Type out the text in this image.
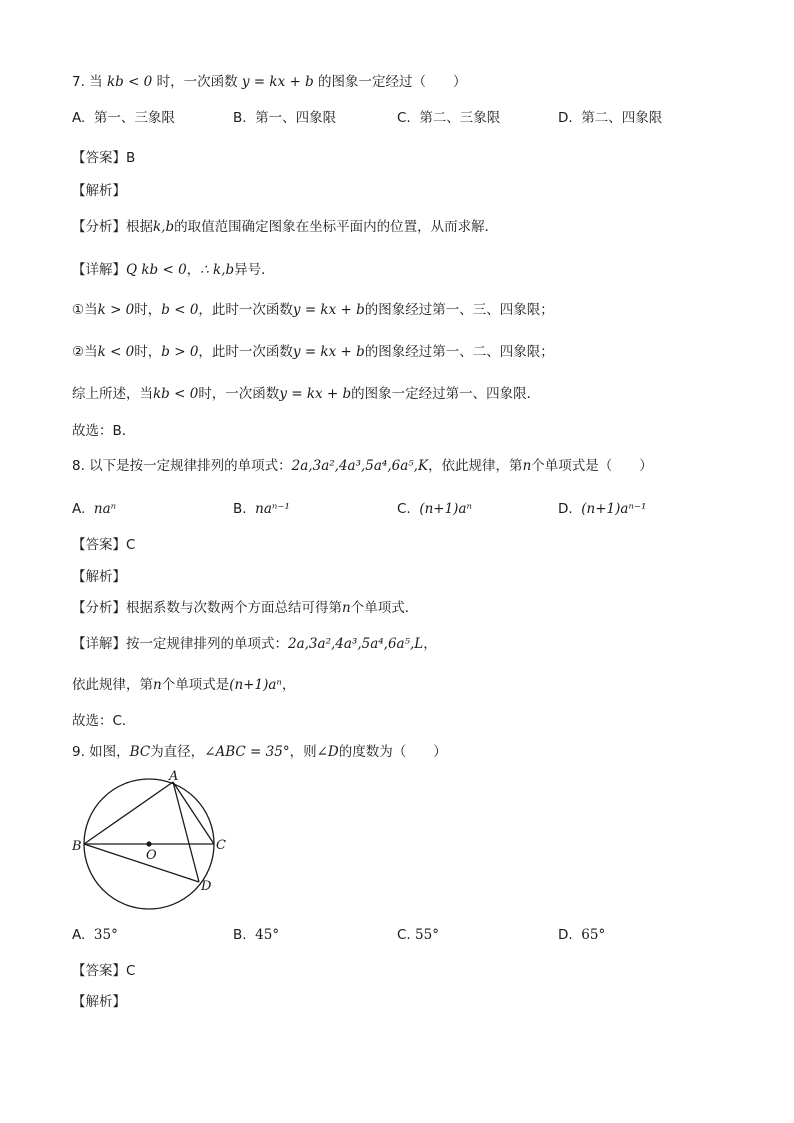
7. 当 kb < 0 时，一次函数 y = kx + b 的图象一定经过（　　）
A. 第一、三象限	B. 第一、四象限	C. 第二、三象限	D. 第二、四象限
【答案】B
【解析】
【分析】根据k,b的取值范围确定图象在坐标平面内的位置，从而求解．
【详解】Q kb < 0，∴ k,b异号．
①当k > 0时，b < 0，此时一次函数y = kx + b的图象经过第一、三、四象限；
②当k < 0时，b > 0，此时一次函数y = kx + b的图象经过第一、二、四象限；
综上所述，当kb < 0时，一次函数y = kx + b的图象一定经过第一、四象限．
故选：B．
8. 以下是按一定规律排列的单项式：2a,3a²,4a³,5a⁴,6a⁵,K，依此规律，第n个单项式是（　　）
A. naⁿ	B. naⁿ⁻¹	C. (n+1)aⁿ	D. (n+1)aⁿ⁻¹
【答案】C
【解析】
【分析】根据系数与次数两个方面总结可得第n个单项式．
【详解】按一定规律排列的单项式：2a,3a²,4a³,5a⁴,6a⁵,L，
依此规律，第n个单项式是(n+1)aⁿ，
故选：C．
9. 如图，BC为直径，∠ABC = 35°，则∠D的度数为（　　）
A
B	C
D
O
A. 35°	B. 45°	C. 55°	D. 65°
【答案】C
【解析】
